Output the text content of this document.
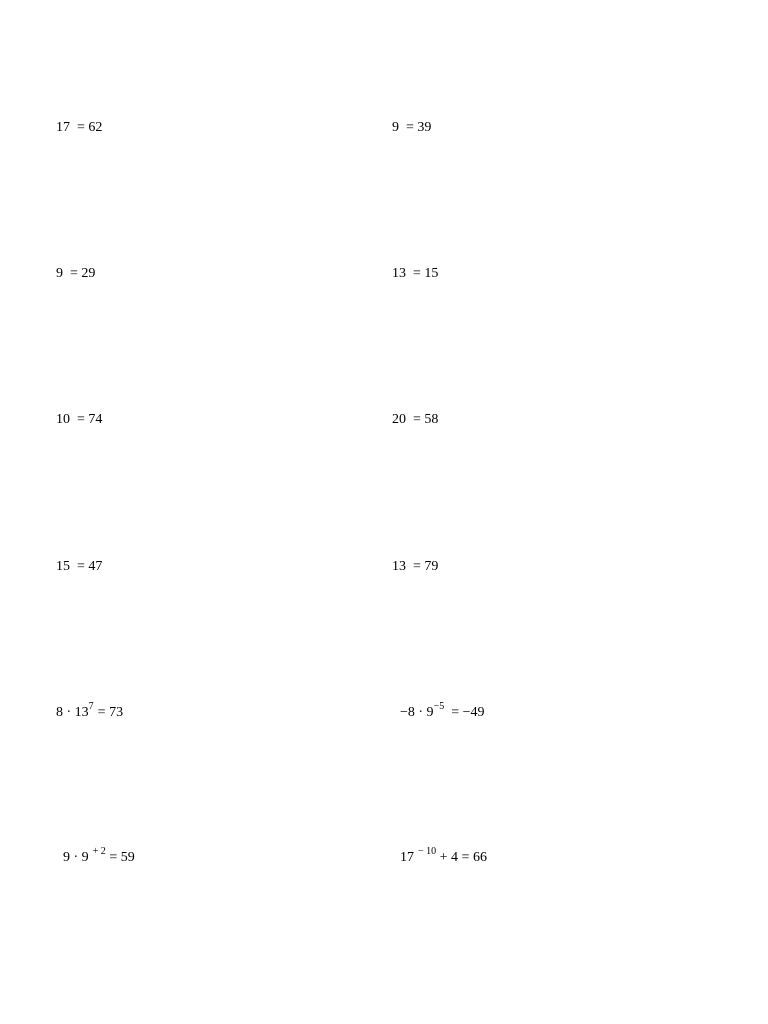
17 = 62	9 = 39
9 = 29	13 = 15
10 = 74	20 = 58
15 = 47	13 = 79
$8 \cdot 13^7 = 73$	$-8 \cdot 9^{-5} = -49$
9 · 9 $^{+ 2}$ = 59	17 $^{- 10}$ + 4 = 66
